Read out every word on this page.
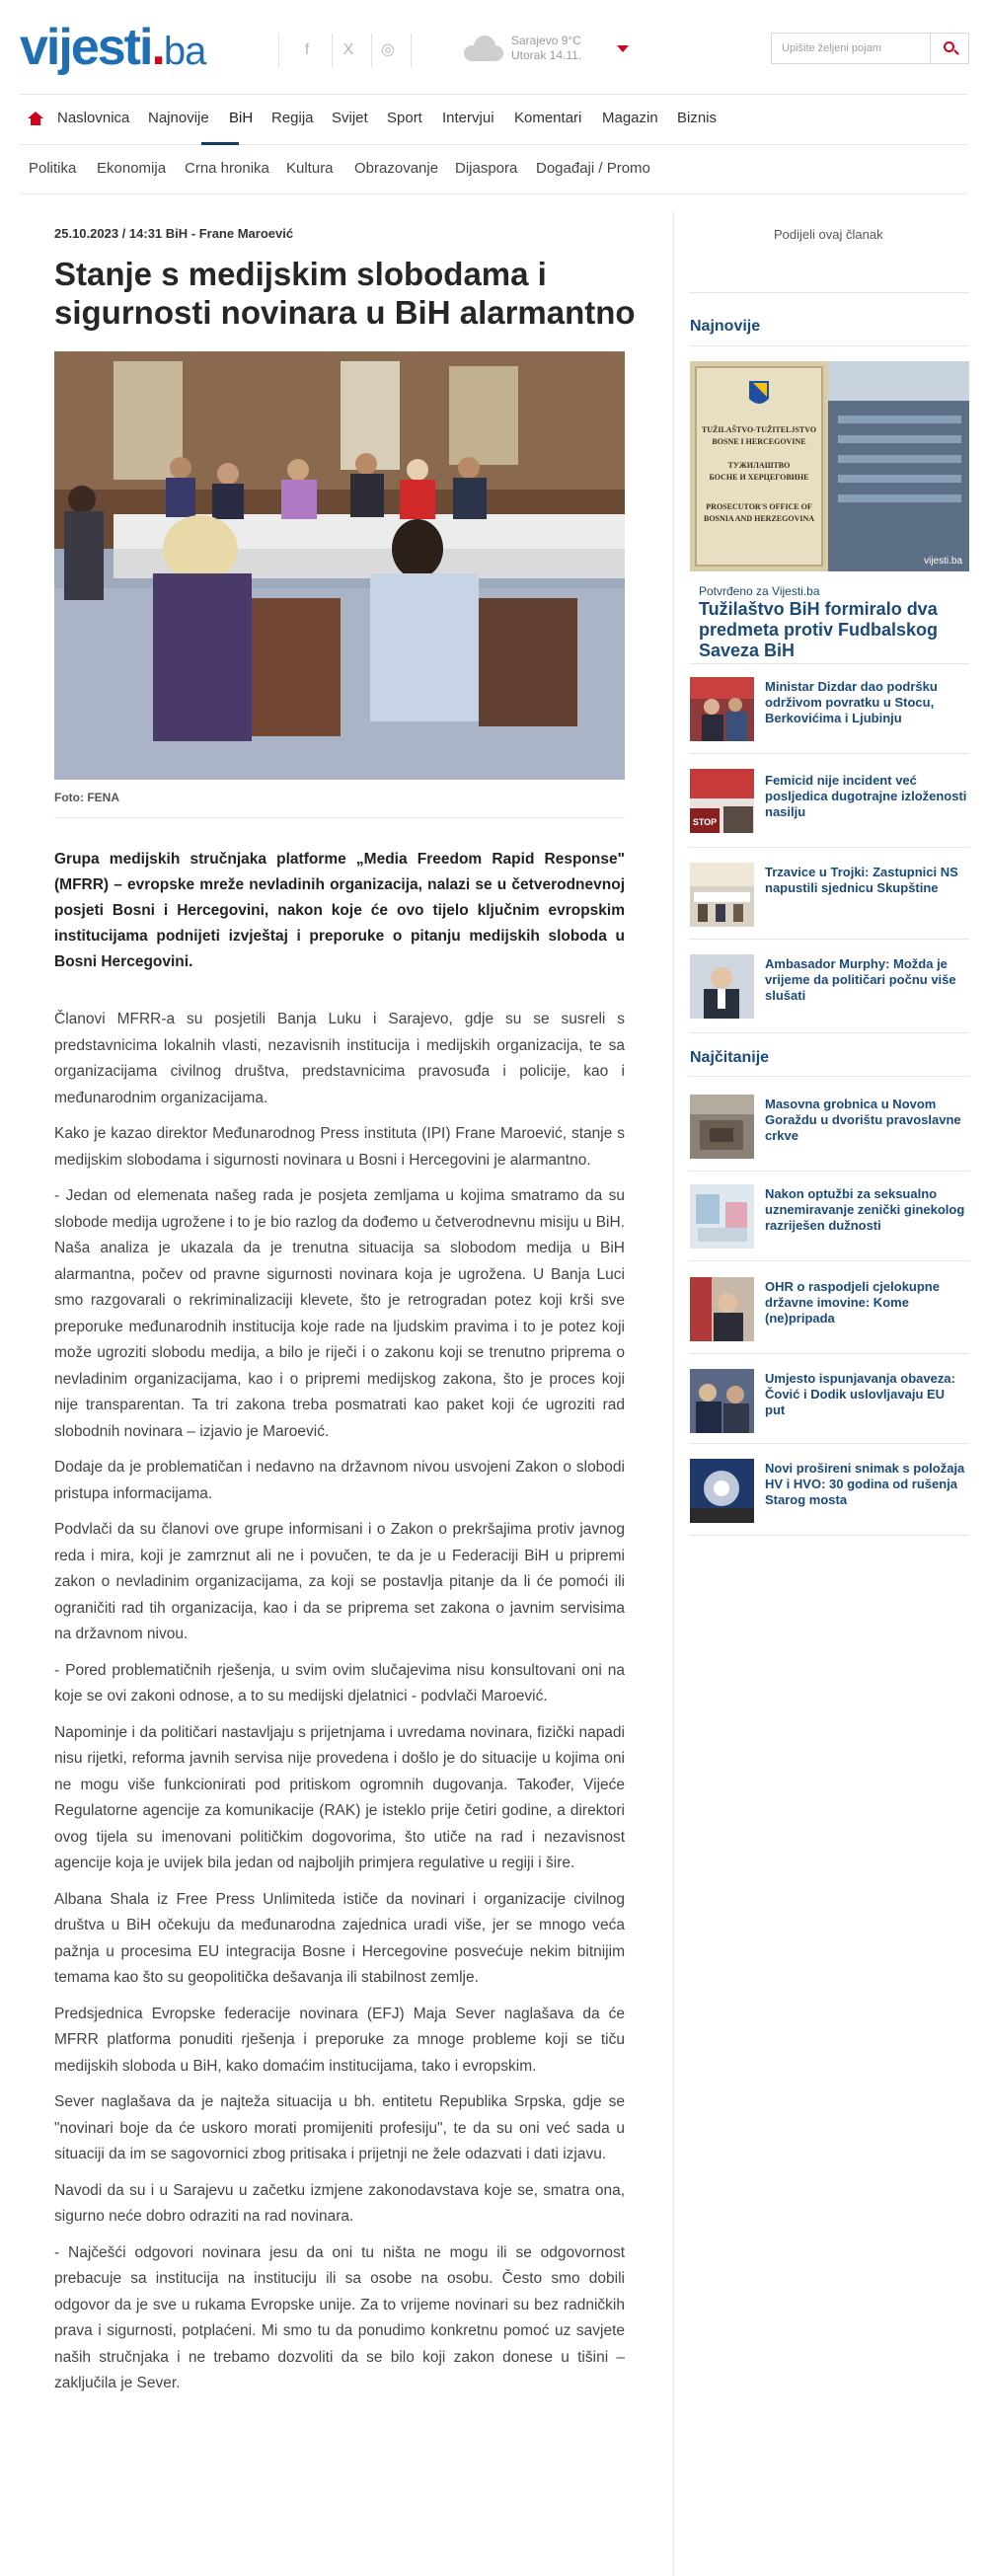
vijesti.ba	f	X	◎
Sarajevo 9°C
Utorak 14.11.	Upišite željeni pojam
Naslovnica Najnovije BiH Regija Svijet Sport Intervjui Komentari Magazin Biznis
Politika Ekonomija Crna hronika Kultura Obrazovanje Dijaspora Događaji / Promo
25.10.2023 / 14:31 BiH - Frane Maroević
Stanje s medijskim slobodama i sigurnosti novinara u BiH alarmantno
Foto: FENA

Grupa medijskih stručnjaka platforme „Media Freedom Rapid Response" (MFRR) – evropske mreže nevladinih organizacija, nalazi se u četverodnevnoj posjeti Bosni i Hercegovini, nakon koje će ovo tijelo ključnim evropskim institucijama podnijeti izvještaj i preporuke o pitanju medijskih sloboda u Bosni Hercegovini.

Članovi MFRR-a su posjetili Banja Luku i Sarajevo, gdje su se susreli s predstavnicima lokalnih vlasti, nezavisnih institucija i medijskih organizacija, te sa organizacijama civilnog društva, predstavnicima pravosuđa i policije, kao i međunarodnim organizacijama.

Kako je kazao direktor Međunarodnog Press instituta (IPI) Frane Maroević, stanje s medijskim slobodama i sigurnosti novinara u Bosni i Hercegovini je alarmantno.

- Jedan od elemenata našeg rada je posjeta zemljama u kojima smatramo da su slobode medija ugrožene i to je bio razlog da dođemo u četverodnevnu misiju u BiH. Naša analiza je ukazala da je trenutna situacija sa slobodom medija u BiH alarmantna, počev od pravne sigurnosti novinara koja je ugrožena. U Banja Luci smo razgovarali o rekriminalizaciji klevete, što je retrogradan potez koji krši sve preporuke međunarodnih institucija koje rade na ljudskim pravima i to je potez koji može ugroziti slobodu medija, a bilo je riječi i o zakonu koji se trenutno priprema o nevladinim organizacijama, kao i o pripremi medijskog zakona, što je proces koji nije transparentan. Ta tri zakona treba posmatrati kao paket koji će ugroziti rad slobodnih novinara – izjavio je Maroević.

Dodaje da je problematičan i nedavno na državnom nivou usvojeni Zakon o slobodi pristupa informacijama.

Podvlači da su članovi ove grupe informisani i o Zakon o prekršajima protiv javnog reda i mira, koji je zamrznut ali ne i povučen, te da je u Federaciji BiH u pripremi zakon o nevladinim organizacijama, za koji se postavlja pitanje da li će pomoći ili ograničiti rad tih organizacija, kao i da se priprema set zakona o javnim servisima na državnom nivou.

- Pored problematičnih rješenja, u svim ovim slučajevima nisu konsultovani oni na koje se ovi zakoni odnose, a to su medijski djelatnici - podvlači Maroević.

Napominje i da političari nastavljaju s prijetnjama i uvredama novinara, fizički napadi nisu rijetki, reforma javnih servisa nije provedena i došlo je do situacije u kojima oni ne mogu više funkcionirati pod pritiskom ogromnih dugovanja. Također, Vijeće Regulatorne agencije za komunikacije (RAK) je isteklo prije četiri godine, a direktori ovog tijela su imenovani političkim dogovorima, što utiče na rad i nezavisnost agencije koja je uvijek bila jedan od najboljih primjera regulative u regiji i šire.

Albana Shala iz Free Press Unlimiteda ističe da novinari i organizacije civilnog društva u BiH očekuju da međunarodna zajednica uradi više, jer se mnogo veća pažnja u procesima EU integracija Bosne i Hercegovine posvećuje nekim bitnijim temama kao što su geopolitička dešavanja ili stabilnost zemlje.

Predsjednica Evropske federacije novinara (EFJ) Maja Sever naglašava da će MFRR platforma ponuditi rješenja i preporuke za mnoge probleme koji se tiču medijskih sloboda u BiH, kako domaćim institucijama, tako i evropskim.

Sever naglašava da je najteža situacija u bh. entitetu Republika Srpska, gdje se "novinari boje da će uskoro morati promijeniti profesiju", te da su oni već sada u situaciji da im se sagovornici zbog pritisaka i prijetnji ne žele odazvati i dati izjavu.

Navodi da su i u Sarajevu u začetku izmjene zakonodavstava koje se, smatra ona, sigurno neće dobro odraziti na rad novinara.

- Najčešći odgovori novinara jesu da oni tu ništa ne mogu ili se odgovornost prebacuje sa institucija na instituciju ili sa osobe na osobu. Često smo dobili odgovor da je sve u rukama Evropske unije. Za to vrijeme novinari su bez radničkih prava i sigurnosti, potplaćeni. Mi smo tu da ponudimo konkretnu pomoć uz savjete naših stručnjaka i ne trebamo dozvoliti da se bilo koji zakon donese u tišini – zaključila je Sever.

Podijeli ovaj članak
Najnovije
TUŽILAŠTVO-TUŽITELJSTVO
BOSNE I HERCEGOVINE
ТУЖИЛАШТВО
БОСНЕ И ХЕРЦЕГОВИНЕ
PROSECUTOR'S OFFICE OF
BOSNIA AND HERZEGOVINA
vijesti.ba
Potvrđeno za Vijesti.ba
Tužilaštvo BiH formiralo dva predmeta protiv Fudbalskog Saveza BiH
Ministar Dizdar dao podršku održivom povratku u Stocu, Berkovićima i Ljubinju
STOP
Femicid nije incident već posljedica dugotrajne izloženosti nasilju
Trzavice u Trojki: Zastupnici NS napustili sjednicu Skupštine
Ambasador Murphy: Možda je vrijeme da političari počnu više slušati
Najčitanije
Masovna grobnica u Novom Goraždu u dvorištu pravoslavne crkve
Nakon optužbi za seksualno uznemiravanje zenički ginekolog razriješen dužnosti
OHR o raspodjeli cjelokupne državne imovine: Kome (ne)pripada
Umjesto ispunjavanja obaveza: Čović i Dodik uslovljavaju EU put
Novi prošireni snimak s položaja HV i HVO: 30 godina od rušenja Starog mosta
